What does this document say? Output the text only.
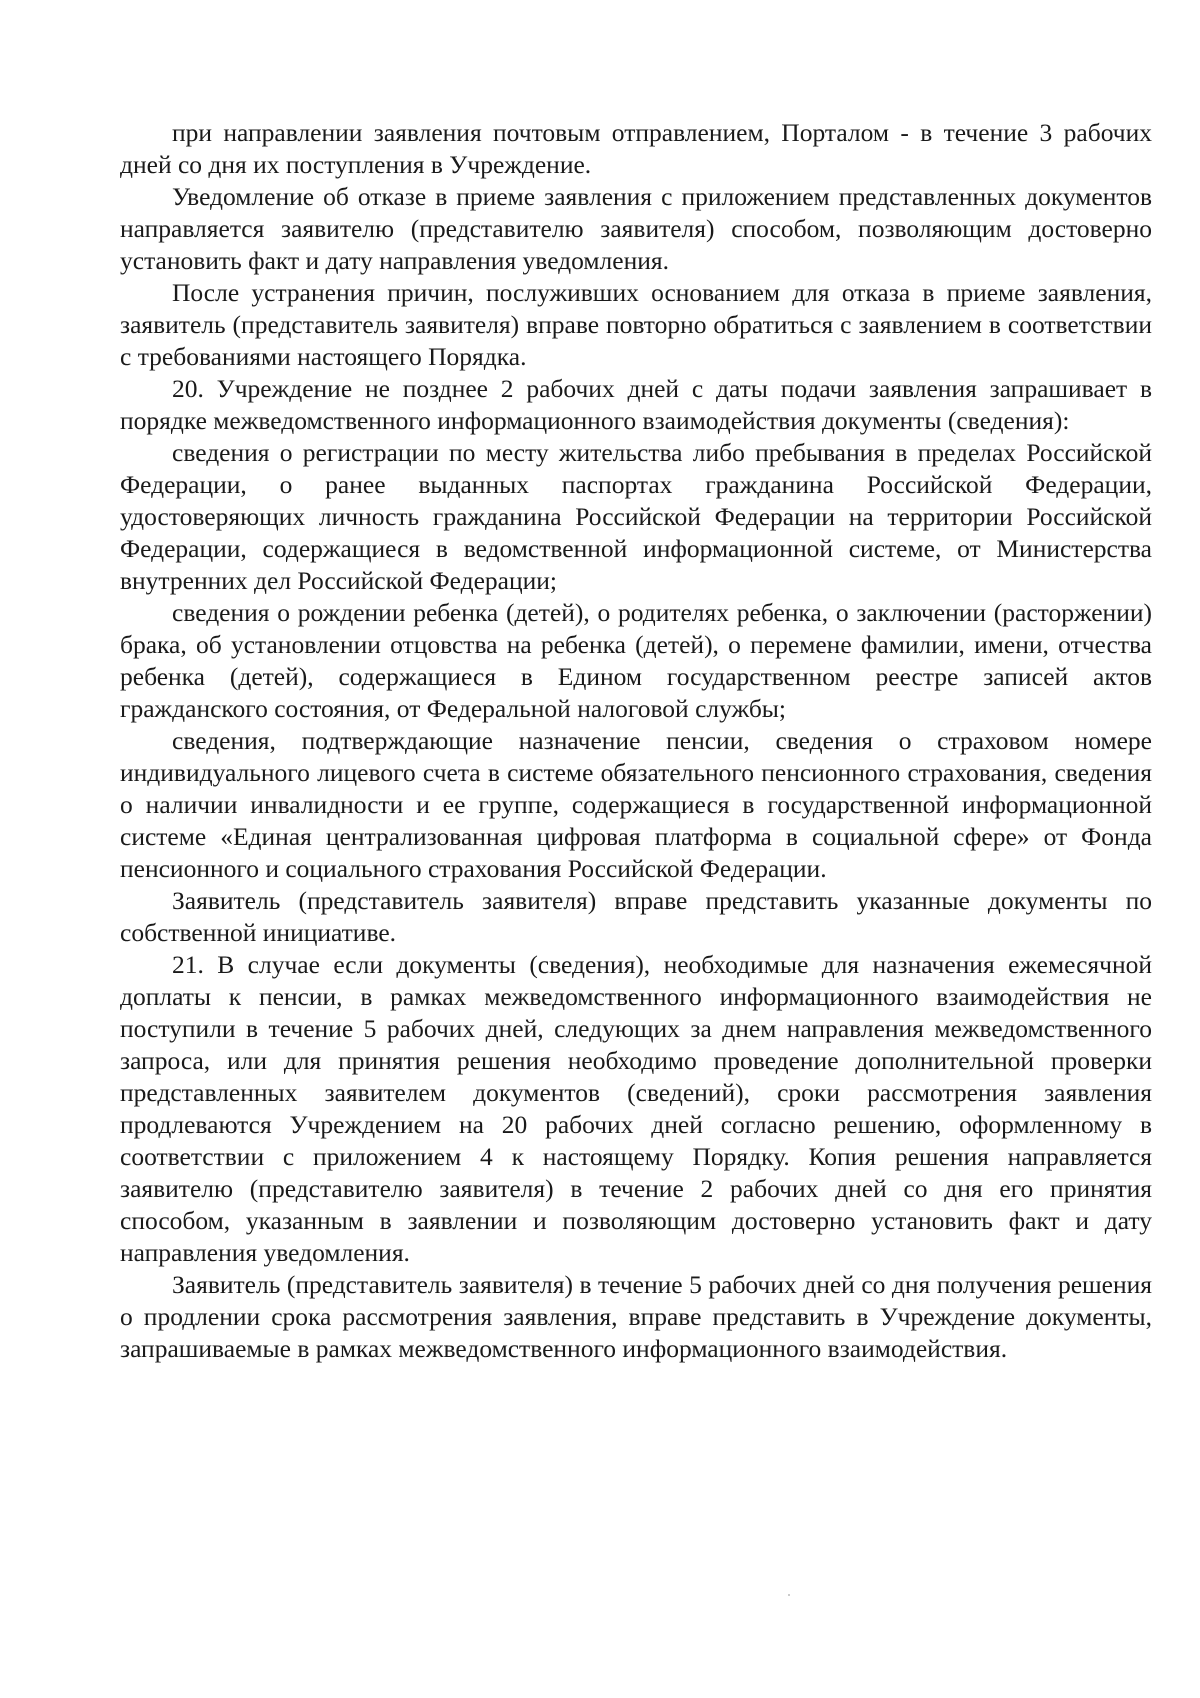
при направлении заявления почтовым отправлением, Порталом - в течение 3 рабочих дней со дня их поступления в Учреждение.

Уведомление об отказе в приеме заявления с приложением представленных документов направляется заявителю (представителю заявителя) способом, позволяющим достоверно установить факт и дату направления уведомления.

После устранения причин, послуживших основанием для отказа в приеме заявления, заявитель (представитель заявителя) вправе повторно обратиться с заявлением в соответствии с требованиями настоящего Порядка.

20. Учреждение не позднее 2 рабочих дней с даты подачи заявления запрашивает в порядке межведомственного информационного взаимодействия документы (сведения):

сведения о регистрации по месту жительства либо пребывания в пределах Российской Федерации, о ранее выданных паспортах гражданина Российской Федерации, удостоверяющих личность гражданина Российской Федерации на территории Российской Федерации, содержащиеся в ведомственной информационной системе, от Министерства внутренних дел Российской Федерации;

сведения о рождении ребенка (детей), о родителях ребенка, о заключении (расторжении) брака, об установлении отцовства на ребенка (детей), о перемене фамилии, имени, отчества ребенка (детей), содержащиеся в Едином государственном реестре записей актов гражданского состояния, от Федеральной налоговой службы;

сведения, подтверждающие назначение пенсии, сведения о страховом номере индивидуального лицевого счета в системе обязательного пенсионного страхования, сведения о наличии инвалидности и ее группе, содержащиеся в государственной информационной системе «Единая централизованная цифровая платформа в социальной сфере» от Фонда пенсионного и социального страхования Российской Федерации.

Заявитель (представитель заявителя) вправе представить указанные документы по собственной инициативе.

21. В случае если документы (сведения), необходимые для назначения ежемесячной доплаты к пенсии, в рамках межведомственного информационного взаимодействия не поступили в течение 5 рабочих дней, следующих за днем направления межведомственного запроса, или для принятия решения необходимо проведение дополнительной проверки представленных заявителем документов (сведений), сроки рассмотрения заявления продлеваются Учреждением на 20 рабочих дней согласно решению, оформленному в соответствии с приложением 4 к настоящему Порядку. Копия решения направляется заявителю (представителю заявителя) в течение 2 рабочих дней со дня его принятия способом, указанным в заявлении и позволяющим достоверно установить факт и дату направления уведомления.

Заявитель (представитель заявителя) в течение 5 рабочих дней со дня получения решения о продлении срока рассмотрения заявления, вправе представить в Учреждение документы, запрашиваемые в рамках межведомственного информационного взаимодействия.
